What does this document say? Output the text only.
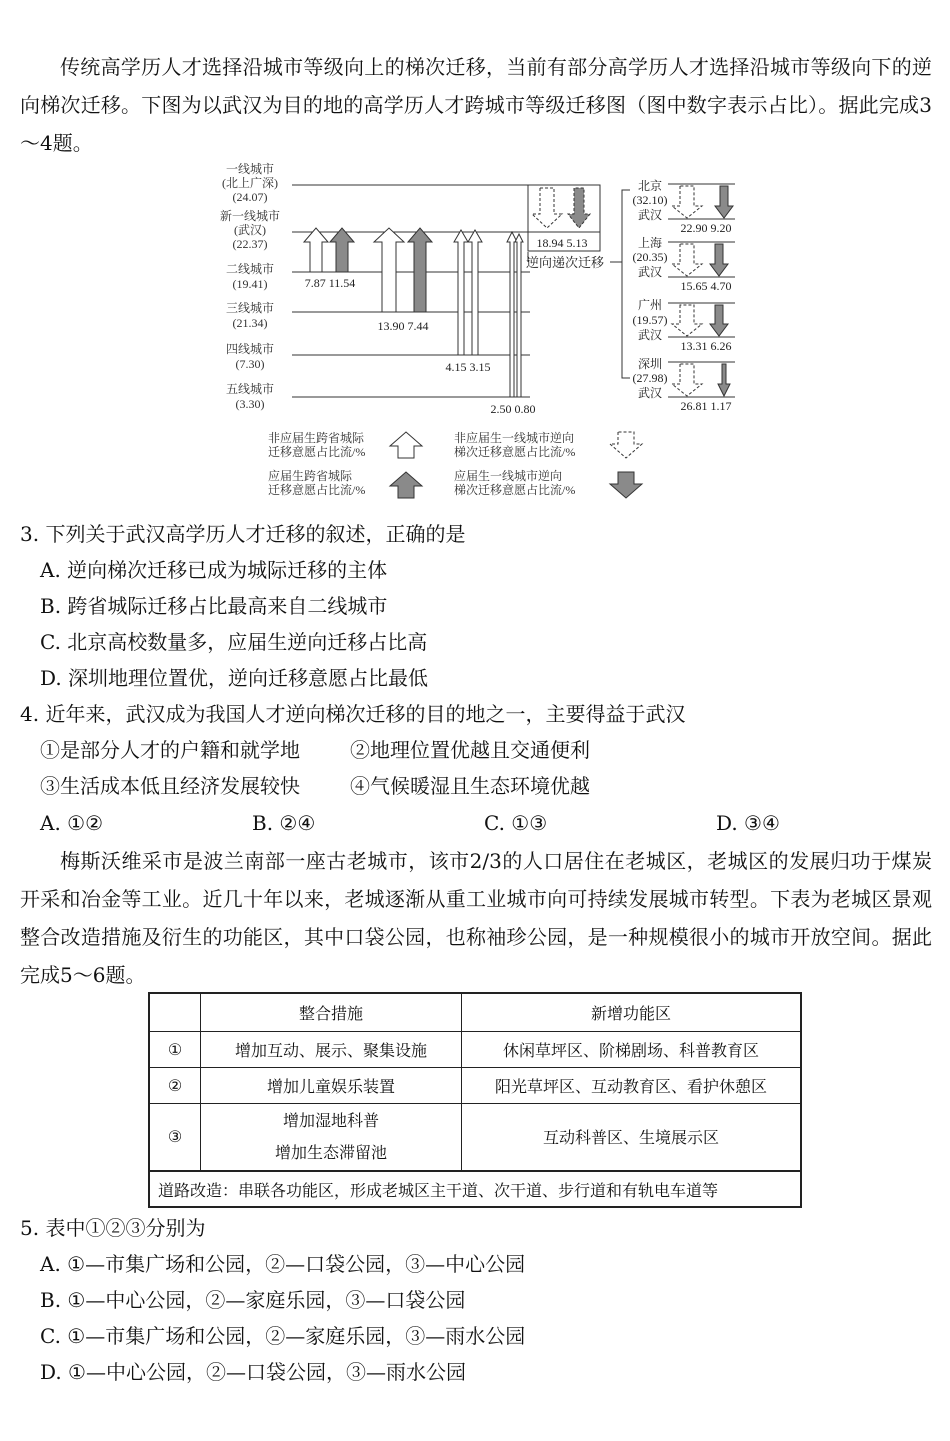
传统高学历人才选择沿城市等级向上的梯次迁移，当前有部分高学历人才选择沿城市等级向下的逆向梯次迁移。下图为以武汉为目的地的高学历人才跨城市等级迁移图（图中数字表示占比）。据此完成3～4题。
一线城市
(北上广深)
(24.07)
新一线城市
(武汉)
(22.37)
二线城市
(19.41)
三线城市
(21.34)
四线城市
(7.30)
五线城市
(3.30)
7.87 11.54
13.90 7.44
4.15 3.15
2.50 0.80
18.94 5.13
逆向递次迁移
北京
(32.10)
武汉
22.90 9.20
上海
(20.35)
武汉
15.65 4.70
广州
(19.57)
武汉
13.31 6.26
深圳
(27.98)
武汉
26.81 1.17
非应届生跨省城际
迁移意愿占比流/%
应届生跨省城际
迁移意愿占比流/%
非应届生一线城市逆向
梯次迁移意愿占比流/%
应届生一线城市逆向
梯次迁移意愿占比流/%
3. 下列关于武汉高学历人才迁移的叙述，正确的是
A. 逆向梯次迁移已成为城际迁移的主体
B. 跨省城际迁移占比最高来自二线城市
C. 北京高校数量多，应届生逆向迁移占比高
D. 深圳地理位置优，逆向迁移意愿占比最低
4. 近年来，武汉成为我国人才逆向梯次迁移的目的地之一，主要得益于武汉
①是部分人才的户籍和就学地	②地理位置优越且交通便利
③生活成本低且经济发展较快	④气候暖湿且生态环境优越
A. ①②	B. ②④	C. ①③	D. ③④
梅斯沃维采市是波兰南部一座古老城市，该市2/3的人口居住在老城区，老城区的发展归功于煤炭开采和冶金等工业。近几十年以来，老城逐渐从重工业城市向可持续发展城市转型。下表为老城区景观整合改造措施及衍生的功能区，其中口袋公园，也称袖珍公园，是一种规模很小的城市开放空间。据此完成5～6题。
	整合措施	新增功能区
①	增加互动、展示、聚集设施	休闲草坪区、阶梯剧场、科普教育区
②	增加儿童娱乐装置	阳光草坪区、互动教育区、看护休憩区
③	增加湿地科普
增加生态滞留池	互动科普区、生境展示区
道路改造：串联各功能区，形成老城区主干道、次干道、步行道和有轨电车道等		
5. 表中①②③分别为
A. ①—市集广场和公园，②—口袋公园，③—中心公园
B. ①—中心公园，②—家庭乐园，③—口袋公园
C. ①—市集广场和公园，②—家庭乐园，③—雨水公园
D. ①—中心公园，②—口袋公园，③—雨水公园
